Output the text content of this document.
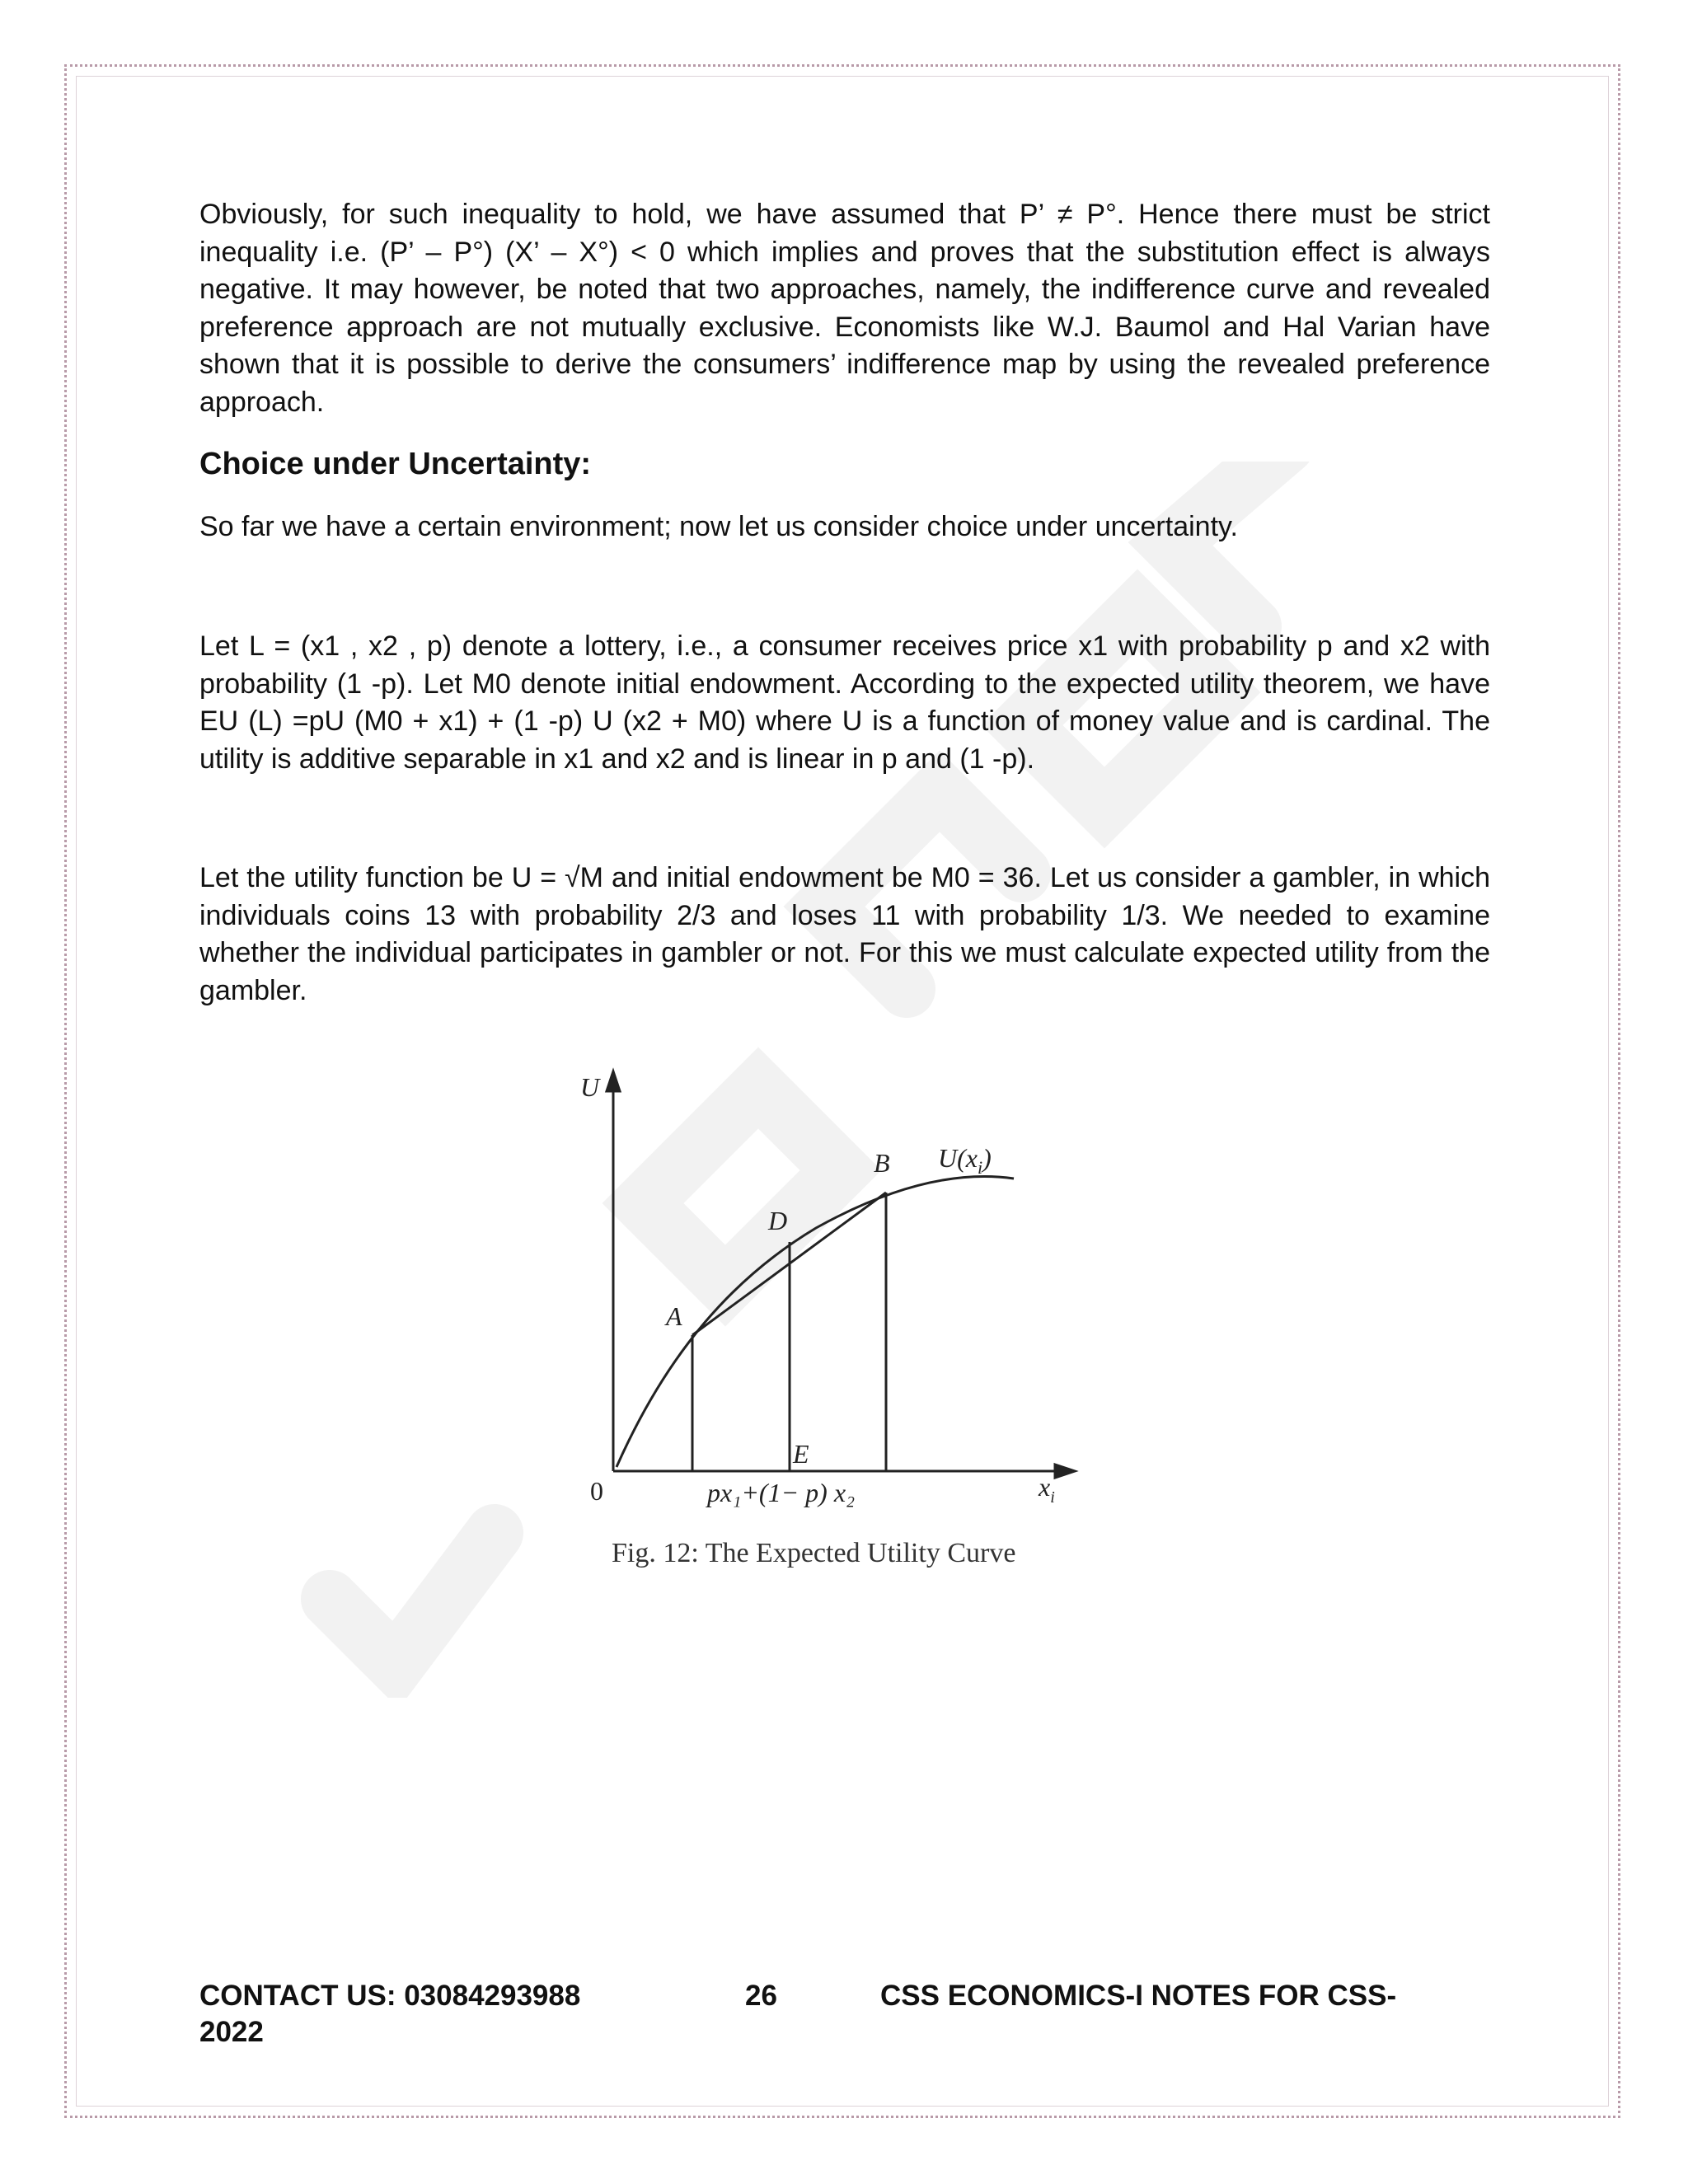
Obviously, for such inequality to hold, we have assumed that P’ ≠ P°. Hence there must be strict inequality i.e. (P’ – P°) (X’ – X°) < 0 which implies and proves that the substitution effect is always negative. It may however, be noted that two approaches, namely, the indifference curve and revealed preference approach are not mutually exclusive. Economists like W.J. Baumol and Hal Varian have shown that it is possible to derive the consumers’ indifference map by using the revealed preference approach.

Choice under Uncertainty:

So far we have a certain environment; now let us consider choice under uncertainty.

Let L = (x1 , x2 , p) denote a lottery, i.e., a consumer receives price x1 with probability p and x2 with probability (1 -p). Let M0 denote initial endowment. According to the expected utility theorem, we have EU (L) =pU (M0 + x1) + (1 -p) U (x2 + M0) where U is a function of money value and is cardinal. The utility is additive separable in x1 and x2 and is linear in p and (1 -p).

Let the utility function be U = √M and initial endowment be M0 = 36. Let us consider a gambler, in which individuals coins 13 with probability 2/3 and loses 11 with probability 1/3. We needed to examine whether the individual participates in gambler or not. For this we must calculate expected utility from the gambler.

U
0
A
D
B
E
$U(x_i)$
$x_i$
px₁+(1− p) x₂
Fig. 12: The Expected Utility Curve
CONTACT US: 03084293988	26	CSS ECONOMICS-I NOTES FOR CSS-
2022
